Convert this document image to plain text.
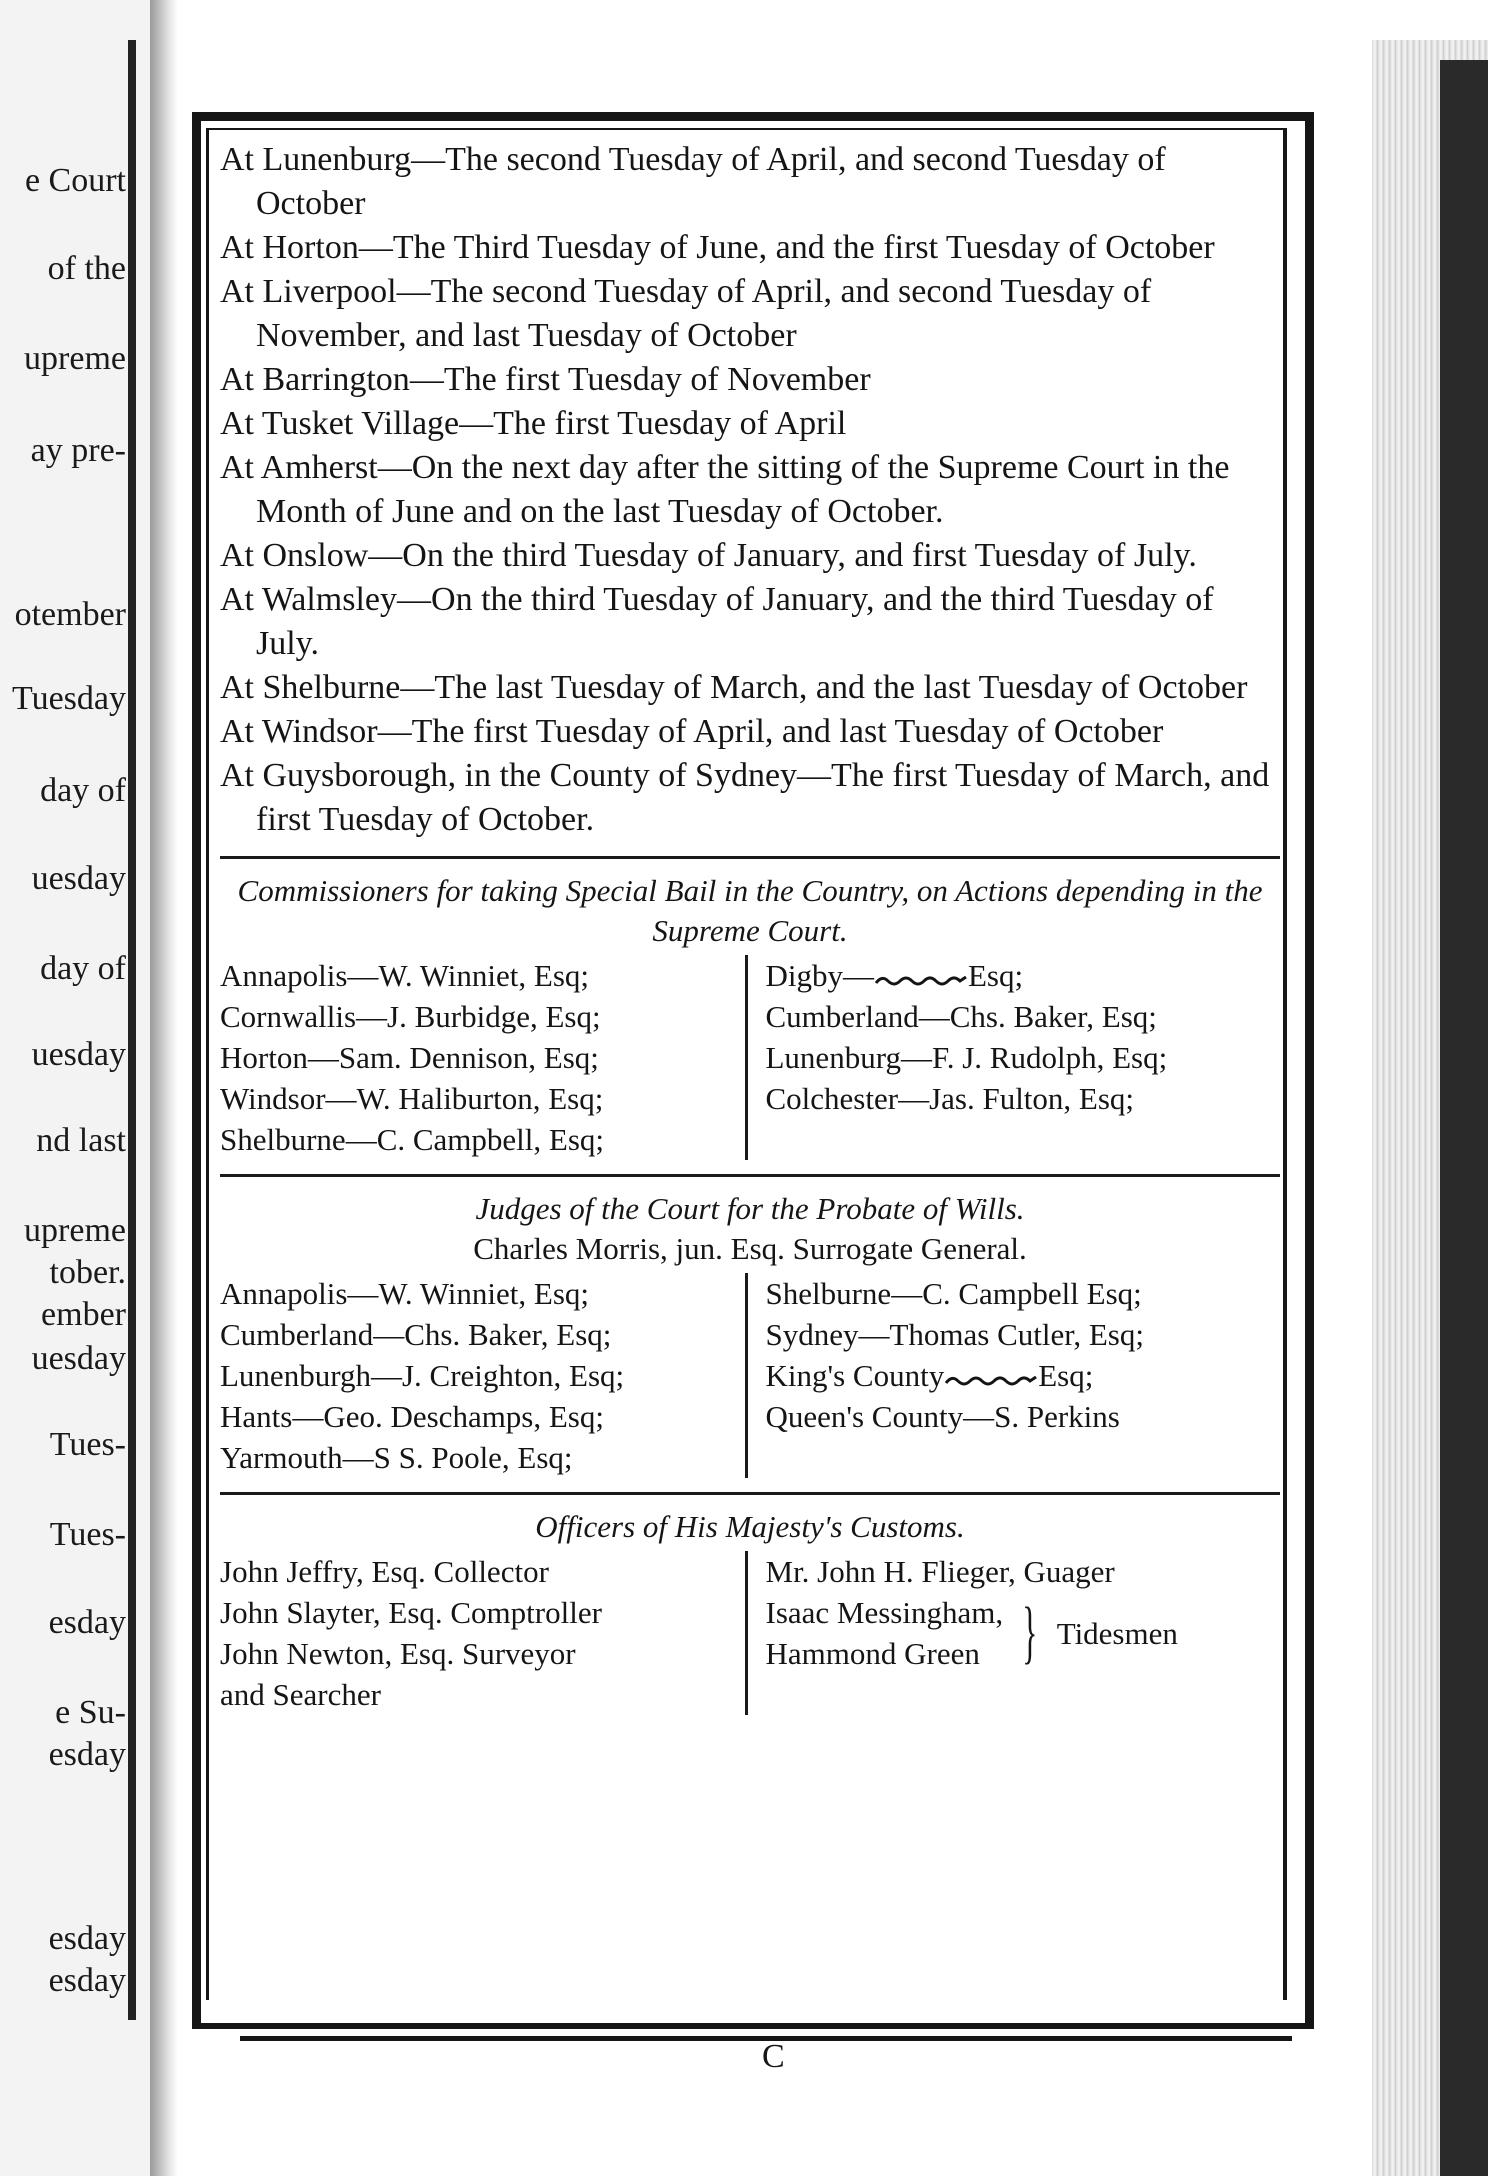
e Court
of the
upreme
ay pre-
otember
Tuesday
day of
uesday
day of
uesday
nd last
upreme
tober.
ember
uesday
Tues-
Tues-
esday
e Su-
esday
esday
esday

At Lunenburg—The second Tuesday of April, and second Tuesday of October

At Horton—The Third Tuesday of June, and the first Tuesday of October

At Liverpool—The second Tuesday of April, and second Tuesday of November, and last Tuesday of October

At Barrington—The first Tuesday of November

At Tusket Village—The first Tuesday of April

At Amherst—On the next day after the sitting of the Supreme Court in the Month of June and on the last Tuesday of October.

At Onslow—On the third Tuesday of January, and first Tuesday of July.

At Walmsley—On the third Tuesday of January, and the third Tuesday of July.

At Shelburne—The last Tuesday of March, and the last Tuesday of October

At Windsor—The first Tuesday of April, and last Tuesday of October

At Guysborough, in the County of Sydney—The first Tuesday of March, and first Tuesday of October.

Commissioners for taking Special Bail in the Country, on Actions depending in the Supreme Court.

Annapolis—W. Winniet, Esq;
Cornwallis—J. Burbidge, Esq;
Horton—Sam. Dennison, Esq;
Windsor—W. Haliburton, Esq;
Shelburne—C. Campbell, Esq;
Digby—	Esq;
Cumberland—Chs. Baker, Esq;
Lunenburg—F. J. Rudolph, Esq;
Colchester—Jas. Fulton, Esq;

Judges of the Court for the Probate of Wills.

Charles Morris, jun. Esq. Surrogate General.

Annapolis—W. Winniet, Esq;
Cumberland—Chs. Baker, Esq;
Lunenburgh—J. Creighton, Esq;
Hants—Geo. Deschamps, Esq;
Yarmouth—S S. Poole, Esq;
Shelburne—C. Campbell Esq;
Sydney—Thomas Cutler, Esq;
King's County	Esq;
Queen's County—S. Perkins

Officers of His Majesty's Customs.

John Jeffry, Esq. Collector
John Slayter, Esq. Comptroller
John Newton, Esq. Surveyor
and Searcher
Mr. John H. Flieger, Guager
Isaac Messingham,
Hammond Green } Tidesmen
C
